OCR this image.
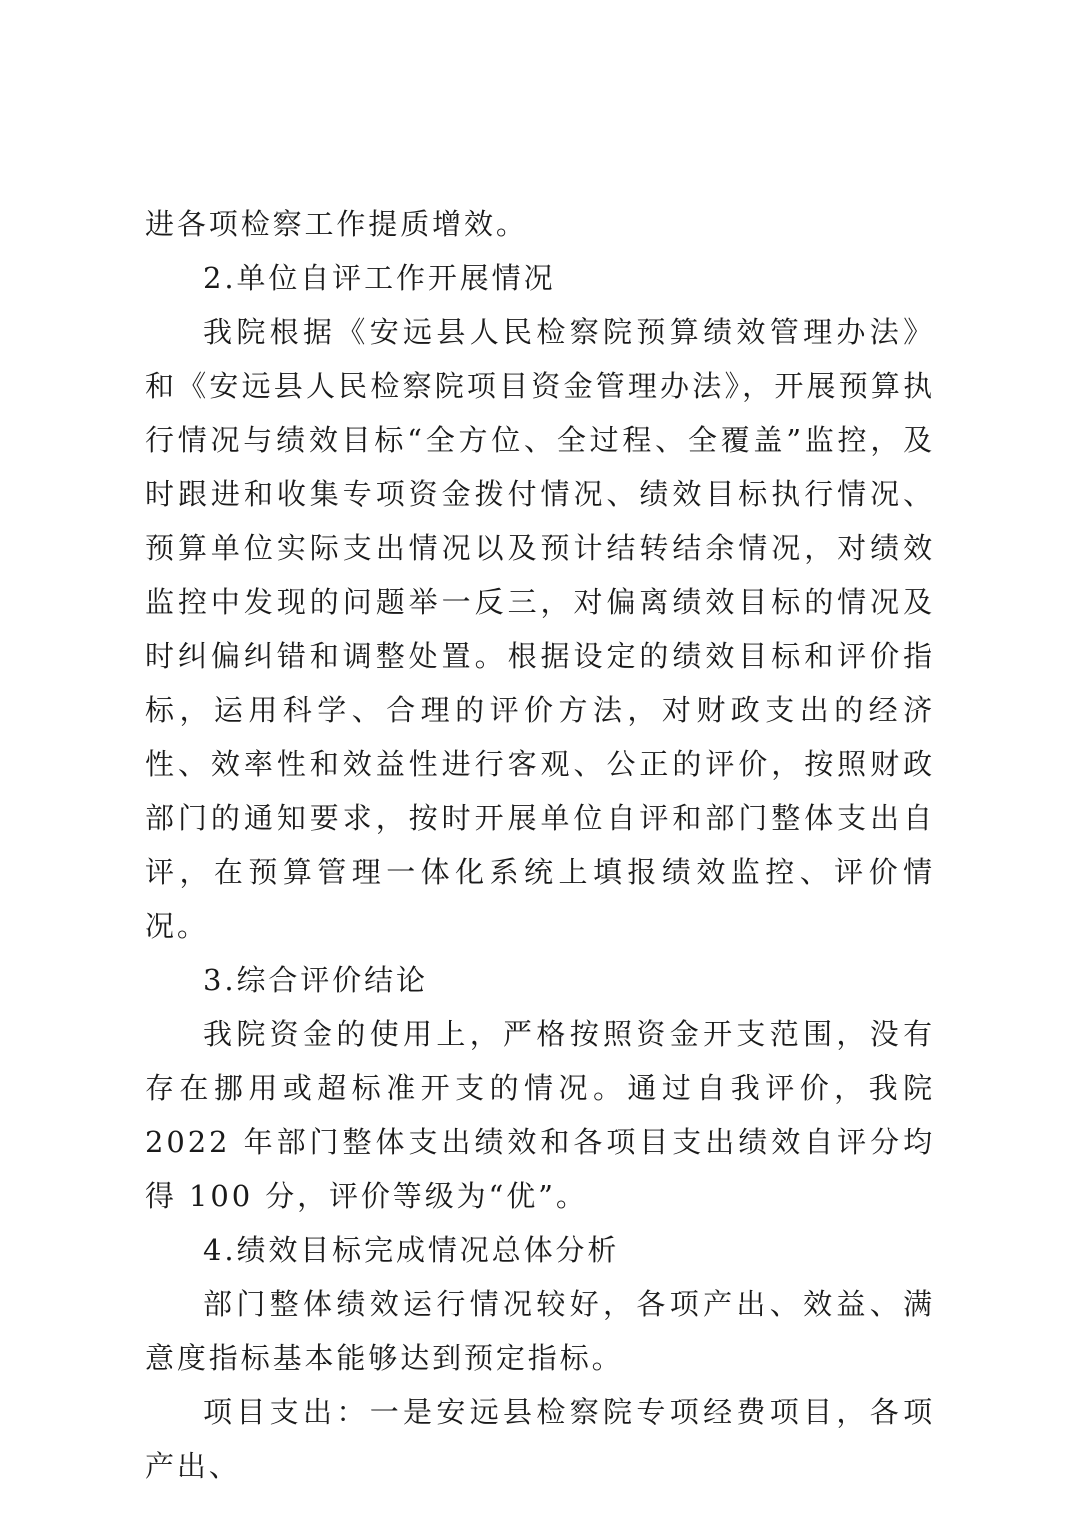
进各项检察工作提质增效。

2.单位自评工作开展情况

我院根据《安远县人民检察院预算绩效管理办法》和《安远县人民检察院项目资金管理办法》，开展预算执行情况与绩效目标“全方位、全过程、全覆盖”监控，及时跟进和收集专项资金拨付情况、绩效目标执行情况、预算单位实际支出情况以及预计结转结余情况，对绩效监控中发现的问题举一反三，对偏离绩效目标的情况及时纠偏纠错和调整处置。根据设定的绩效目标和评价指标，运用科学、合理的评价方法，对财政支出的经济性、效率性和效益性进行客观、公正的评价，按照财政部门的通知要求，按时开展单位自评和部门整体支出自评，在预算管理一体化系统上填报绩效监控、评价情况。

3.综合评价结论

我院资金的使用上，严格按照资金开支范围，没有存在挪用或超标准开支的情况。通过自我评价，我院 2022 年部门整体支出绩效和各项目支出绩效自评分均得 100 分，评价等级为“优”。

4.绩效目标完成情况总体分析

部门整体绩效运行情况较好，各项产出、效益、满意度指标基本能够达到预定指标。

项目支出：一是安远县检察院专项经费项目，各项产出、
